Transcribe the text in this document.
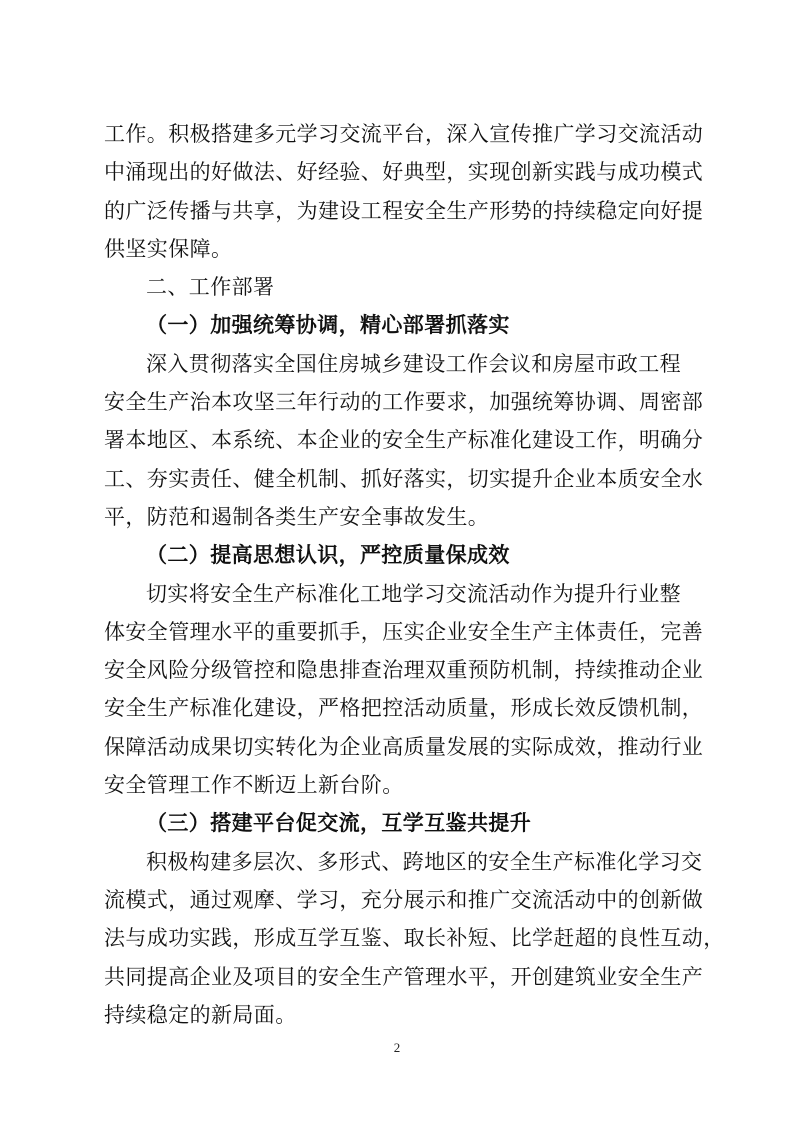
工作。积极搭建多元学习交流平台，深入宣传推广学习交流活动
中涌现出的好做法、好经验、好典型，实现创新实践与成功模式
的广泛传播与共享，为建设工程安全生产形势的持续稳定向好提
供坚实保障。
二、工作部署
（一）加强统筹协调，精心部署抓落实
深入贯彻落实全国住房城乡建设工作会议和房屋市政工程
安全生产治本攻坚三年行动的工作要求，加强统筹协调、周密部
署本地区、本系统、本企业的安全生产标准化建设工作，明确分
工、夯实责任、健全机制、抓好落实，切实提升企业本质安全水
平，防范和遏制各类生产安全事故发生。
（二）提高思想认识，严控质量保成效
切实将安全生产标准化工地学习交流活动作为提升行业整
体安全管理水平的重要抓手，压实企业安全生产主体责任，完善
安全风险分级管控和隐患排查治理双重预防机制，持续推动企业
安全生产标准化建设，严格把控活动质量，形成长效反馈机制，
保障活动成果切实转化为企业高质量发展的实际成效，推动行业
安全管理工作不断迈上新台阶。
（三）搭建平台促交流，互学互鉴共提升
积极构建多层次、多形式、跨地区的安全生产标准化学习交
流模式，通过观摩、学习，充分展示和推广交流活动中的创新做
法与成功实践，形成互学互鉴、取长补短、比学赶超的良性互动，
共同提高企业及项目的安全生产管理水平，开创建筑业安全生产
持续稳定的新局面。
2
